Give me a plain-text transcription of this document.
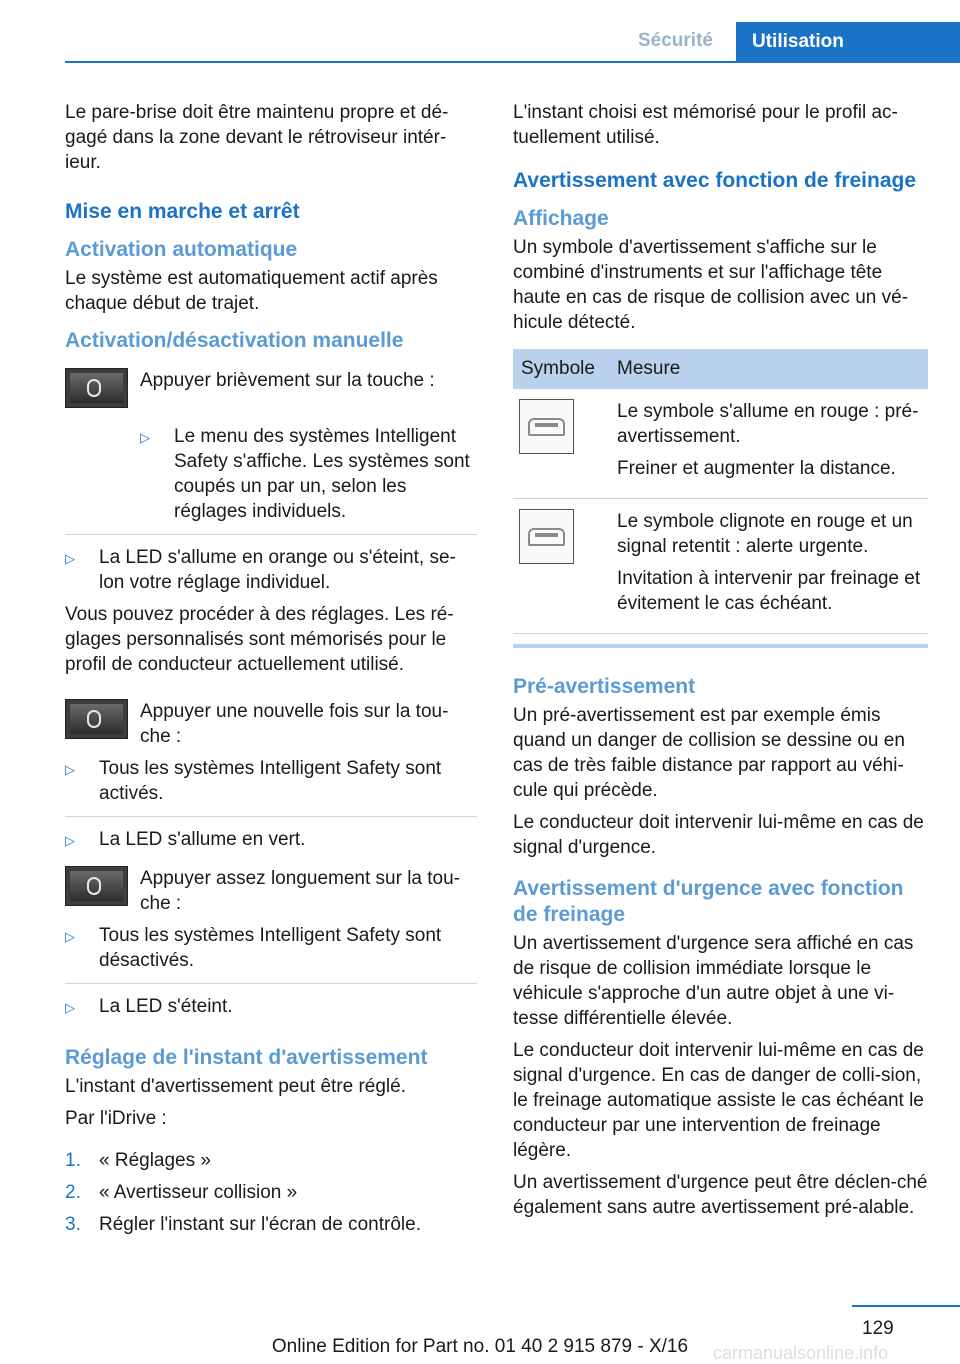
Sécurité	Utilisation

Le pare-brise doit être maintenu propre et dé‐gagé dans la zone devant le rétroviseur intér‐ieur.

Mise en marche et arrêt
Activation automatique

Le système est automatiquement actif après chaque début de trajet.

Activation/désactivation manuelle

Appuyer brièvement sur la touche :

▷ Le menu des systèmes Intelligent Safety s'affiche. Les systèmes sont coupés un par un, selon les réglages individuels.
▷ La LED s'allume en orange ou s'éteint, se‐lon votre réglage individuel.

Vous pouvez procéder à des réglages. Les ré‐glages personnalisés sont mémorisés pour le profil de conducteur actuellement utilisé.

Appuyer une nouvelle fois sur la tou‐che :

▷ Tous les systèmes Intelligent Safety sont activés.
▷ La LED s'allume en vert.

Appuyer assez longuement sur la tou‐che :

▷ Tous les systèmes Intelligent Safety sont désactivés.
▷ La LED s'éteint.
Réglage de l'instant d'avertissement

L'instant d'avertissement peut être réglé.

Par l'iDrive :

1. « Réglages »
2. « Avertisseur collision »
3. Régler l'instant sur l'écran de contrôle.

L'instant choisi est mémorisé pour le profil ac‐tuellement utilisé.

Avertissement avec fonction de freinage
Affichage

Un symbole d'avertissement s'affiche sur le combiné d'instruments et sur l'affichage tête haute en cas de risque de collision avec un vé‐hicule détecté.

Symbole	Mesure

	Le symbole s'allume en rouge : pré-avertissement.

Freiner et augmenter la distance.

	Le symbole clignote en rouge et un signal retentit : alerte urgente.

Invitation à intervenir par freinage et évitement le cas échéant.

Pré-avertissement

Un pré-avertissement est par exemple émis quand un danger de collision se dessine ou en cas de très faible distance par rapport au véhi‐cule qui précède.

Le conducteur doit intervenir lui-même en cas de signal d'urgence.

Avertissement d'urgence avec fonction de freinage

Un avertissement d'urgence sera affiché en cas de risque de collision immédiate lorsque le véhicule s'approche d'un autre objet à une vi‐tesse différentielle élevée.

Le conducteur doit intervenir lui-même en cas de signal d'urgence. En cas de danger de colli‐sion, le freinage automatique assiste le cas échéant le conducteur par une intervention de freinage légère.

Un avertissement d'urgence peut être déclen‐ché également sans autre avertissement pré‐alable.

129
Online Edition for Part no. 01 40 2 915 879 - X/16	carmanualsonline.info
